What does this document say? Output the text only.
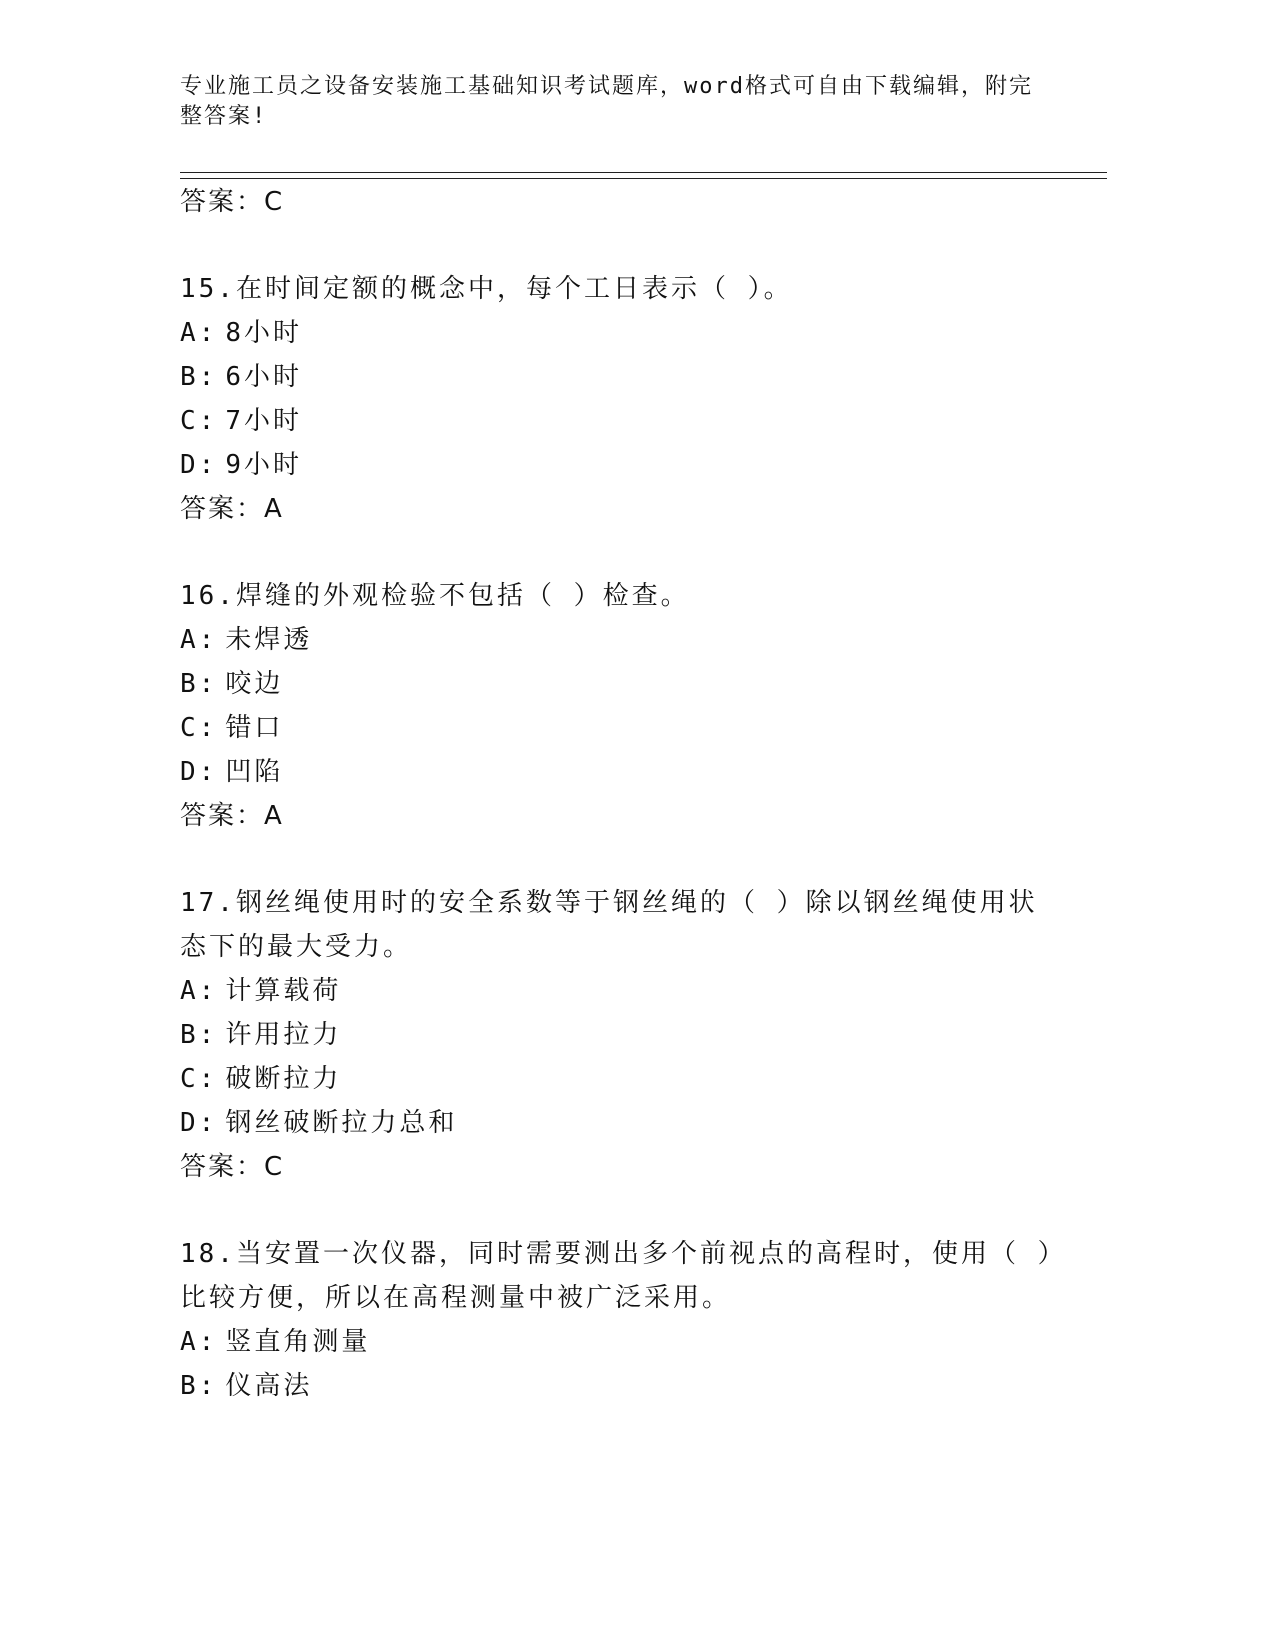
专业施工员之设备安装施工基础知识考试题库，word格式可自由下载编辑，附完整答案!
答案：C
15.在时间定额的概念中，每个工日表示（ ）。
A: 8小时
B: 6小时
C: 7小时
D: 9小时
答案：A
16.焊缝的外观检验不包括（ ）检查。
A: 未焊透
B: 咬边
C: 错口
D: 凹陷
答案：A
17.钢丝绳使用时的安全系数等于钢丝绳的（ ）除以钢丝绳使用状态下的最大受力。
A: 计算载荷
B: 许用拉力
C: 破断拉力
D: 钢丝破断拉力总和
答案：C
18.当安置一次仪器，同时需要测出多个前视点的高程时，使用（ ）比较方便，所以在高程测量中被广泛采用。
A: 竖直角测量
B: 仪高法
